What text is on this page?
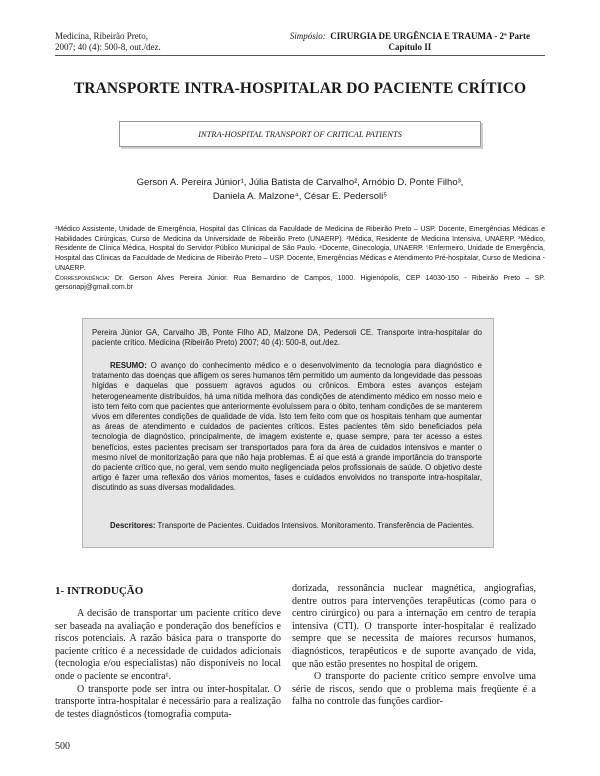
Medicina, Ribeirão Preto,
2007; 40 (4): 500-8, out./dez.
Simpósio: CIRURGIA DE URGÊNCIA E TRAUMA - 2ª Parte
Capítulo II
TRANSPORTE INTRA-HOSPITALAR DO PACIENTE CRÍTICO
INTRA-HOSPITAL TRANSPORT OF CRITICAL PATIENTS
Gerson A. Pereira Júnior¹, Júlia Batista de Carvalho², Arnóbio D. Ponte Filho³,
Daniela A. Malzone⁴, César E. Pedersoli⁵
¹Médico Assistente, Unidade de Emergência, Hospital das Clínicas da Faculdade de Medicina de Ribeirão Preto – USP. Docente, Emergências Médicas e Habilidades Cirúrgicas, Curso de Medicina da Universidade de Ribeirão Preto (UNAERP). ²Médica, Residente de Medicina Intensiva, UNAERP. ³Médico, Residente de Clínica Médica, Hospital do Servidor Público Municipal de São Paulo. ⁴Docente, Ginecologia, UNAERP. ⁵Enfermeiro, Unidade de Emergência, Hospital das Clínicas da Faculdade de Medicina de Ribeirão Preto – USP. Docente, Emergências Médicas e Atendimento Pré-hospitalar, Curso de Medicina - UNAERP.
Correspondência: Dr. Gerson Alves Pereira Júnior. Rua Bernardino de Campos, 1000. Higienópolis, CEP 14030-150 - Ribeirão Preto – SP. gersonapj@gmail.com.br
Pereira Júnior GA, Carvalho JB, Ponte Filho AD, Malzone DA, Pedersoli CE. Transporte intra-hospitalar do paciente crítico. Medicina (Ribeirão Preto) 2007; 40 (4): 500-8, out./dez.
RESUMO: O avanço do conhecimento médico e o desenvolvimento da tecnologia para diagnóstico e tratamento das doenças que afligem os seres humanos têm permitido um aumento da longevidade das pessoas hígidas e daquelas que possuem agravos agudos ou crônicos. Embora estes avanços estejam heterogeneamente distribuídos, há uma nítida melhora das condições de atendimento médico em nosso meio e isto tem feito com que pacientes que anteriormente evoluíssem para o óbito, tenham condições de se manterem vivos em diferentes condições de qualidade de vida. Isto tem feito com que os hospitais tenham que aumentar as áreas de atendimento e cuidados de pacientes críticos. Estes pacientes têm sido beneficiados pela tecnologia de diagnóstico, principalmente, de imagem existente e, quase sempre, para ter acesso a estes benefícios, estes pacientes precisam ser transportados para fora da área de cuidados intensivos e manter o mesmo nível de monitorização para que não haja problemas. É aí que está a grande importância do transporte do paciente crítico que, no geral, vem sendo muito negligenciada pelos profissionais de saúde. O objetivo deste artigo é fazer uma reflexão dos vários momentos, fases e cuidados envolvidos no transporte intra-hospitalar, discutindo as suas diversas modalidades.
Descritores: Transporte de Pacientes. Cuidados Intensivos. Monitoramento. Transferência de Pacientes.
1- INTRODUÇÃO

A decisão de transportar um paciente crítico deve ser baseada na avaliação e ponderação dos benefícios e riscos potenciais. A razão básica para o transporte do paciente crítico é a necessidade de cuidados adicionais (tecnologia e/ou especialistas) não disponíveis no local onde o paciente se encontra¹.

O transporte pode ser intra ou inter-hospitalar. O transporte intra-hospitalar é necessário para a realização de testes diagnósticos (tomografia computa-

dorizada, ressonância nuclear magnética, angiografias, dentre outros para intervenções terapêuticas (como para o centro cirúrgico) ou para a internação em centro de terapia intensiva (CTI). O transporte inter-hospitalar é realizado sempre que se necessita de maiores recursos humanos, diagnósticos, terapêuticos e de suporte avançado de vida, que não estão presentes no hospital de origem.

O transporte do paciente crítico sempre envolve uma série de riscos, sendo que o problema mais freqüente é a falha no controle das funções cardior-

500
